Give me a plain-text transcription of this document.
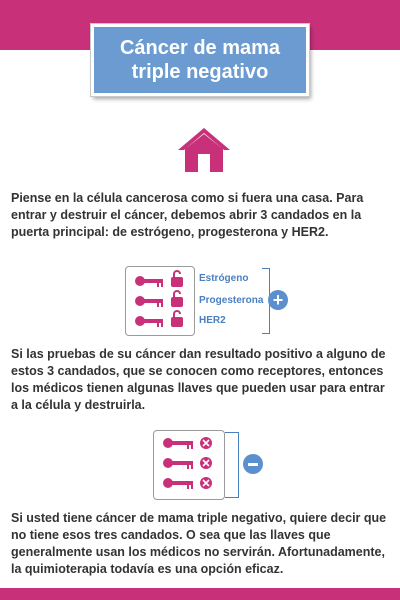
Cáncer de mama
triple negativo
Piense en la célula cancerosa como si fuera una casa. Para entrar y destruir el cáncer, debemos abrir 3 candados en la puerta principal: de estrógeno, progesterona y HER2.
Estrógeno
Progesterona
HER2
+
Si las pruebas de su cáncer dan resultado positivo a alguno de estos 3 candados, que se conocen como receptores, entonces los médicos tienen algunas llaves que pueden usar para entrar a la célula y destruirla.
Si usted tiene cáncer de mama triple negativo, quiere decir que no tiene esos tres candados. O sea que las llaves que generalmente usan los médicos no servirán. Afortunadamente, la quimioterapia todavía es una opción eficaz.
